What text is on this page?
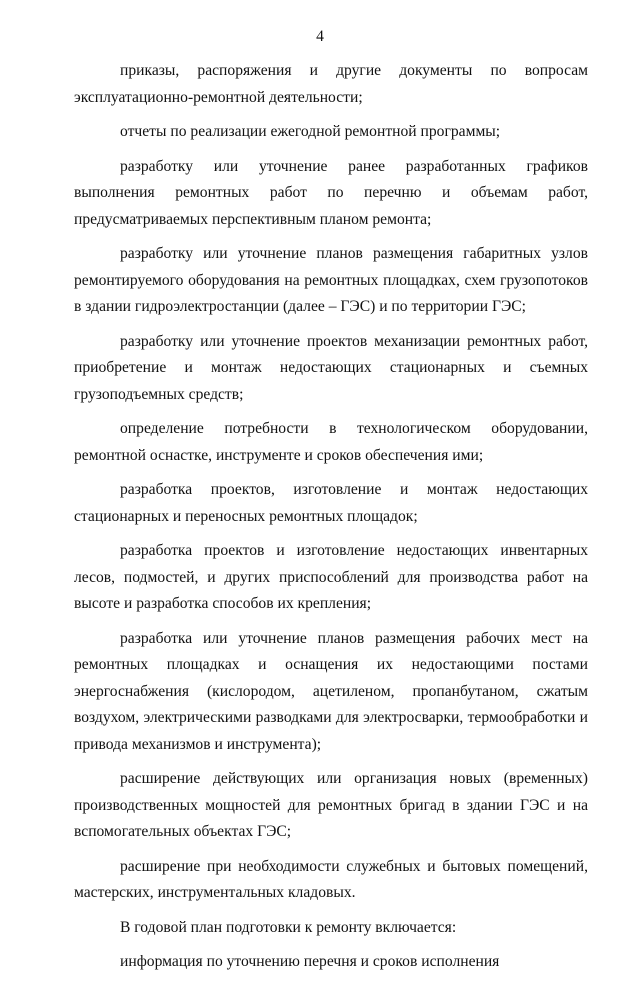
4

приказы, распоряжения и другие документы по вопросам эксплуатационно-ремонтной деятельности;

отчеты по реализации ежегодной ремонтной программы;

разработку или уточнение ранее разработанных графиков выполнения ремонтных работ по перечню и объемам работ, предусматриваемых перспективным планом ремонта;

разработку или уточнение планов размещения габаритных узлов ремонтируемого оборудования на ремонтных площадках, схем грузопотоков в здании гидроэлектростанции (далее – ГЭС) и по территории ГЭС;

разработку или уточнение проектов механизации ремонтных работ, приобретение и монтаж недостающих стационарных и съемных грузоподъемных средств;

определение потребности в технологическом оборудовании, ремонтной оснастке, инструменте и сроков обеспечения ими;

разработка проектов, изготовление и монтаж недостающих стационарных и переносных ремонтных площадок;

разработка проектов и изготовление недостающих инвентарных лесов, подмостей, и других приспособлений для производства работ на высоте и разработка способов их крепления;

разработка или уточнение планов размещения рабочих мест на ремонтных площадках и оснащения их недостающими постами энергоснабжения (кислородом, ацетиленом, пропанбутаном, сжатым воздухом, электрическими разводками для электросварки, термообработки и привода механизмов и инструмента);

расширение действующих или организация новых (временных) производственных мощностей для ремонтных бригад в здании ГЭС и на вспомогательных объектах ГЭС;

расширение при необходимости служебных и бытовых помещений, мастерских, инструментальных кладовых.

В годовой план подготовки к ремонту включается:

информация по уточнению перечня и сроков исполнения
